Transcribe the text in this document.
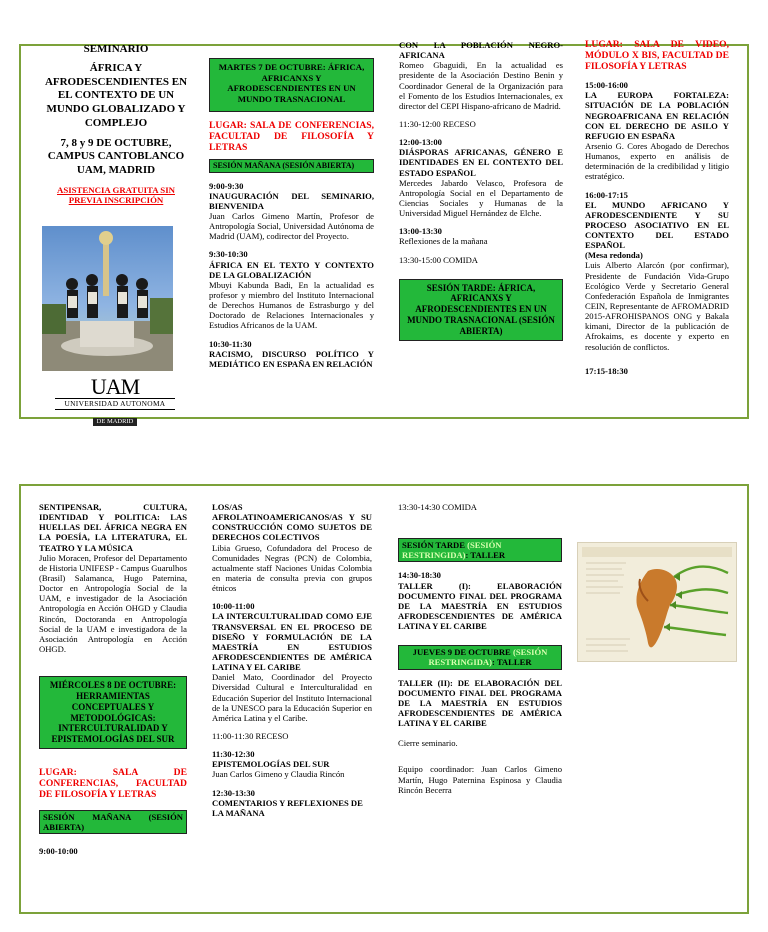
SEMINARIO

ÁFRICA Y AFRODESCENDIENTES EN EL CONTEXTO DE UN MUNDO GLOBALIZADO Y COMPLEJO

7, 8 y 9 DE OCTUBRE, CAMPUS CANTOBLANCO UAM, MADRID

ASISTENCIA GRATUITA SIN PREVIA INSCRIPCIÓN

UAM
UNIVERSIDAD AUTONOMA
DE MADRID
MARTES 7 DE OCTUBRE: ÁFRICA, AFRICANXS Y AFRODESCENDIENTES EN UN MUNDO TRASNACIONAL

LUGAR: SALA DE CONFERENCIAS, FACULTAD DE FILOSOFÍA Y LETRAS

SESIÓN MAÑANA (SESIÓN ABIERTA)

9:00-9:30

INAUGURACIÓN DEL SEMINARIO, BIENVENIDA

Juan Carlos Gimeno Martín, Profesor de Antropología Social, Universidad Autónoma de Madrid (UAM), codirector del Proyecto.

9:30-10:30

ÁFRICA EN EL TEXTO Y CONTEXTO DE LA GLOBALIZACIÓN

Mbuyi Kabunda Badi, En la actualidad es profesor y miembro del Instituto Internacional de Derechos Humanos de Estrasburgo y del Doctorado de Relaciones Internacionales y Estudios Africanos de la UAM.

10:30-11:30

RACISMO, DISCURSO POLÍTICO Y MEDIÁTICO EN ESPAÑA EN RELACIÓN

CON LA POBLACIÓN NEGRO-AFRICANA

Romeo Gbaguidi, En la actualidad es presidente de la Asociación Destino Benin y Coordinador General de la Organización para el Fomento de los Estudios Internacionales, ex director del CEPI Hispano-africano de Madrid.

11:30-12:00 RECESO

12:00-13:00

DIÁSPORAS AFRICANAS, GÉNERO E IDENTIDADES EN EL CONTEXTO DEL ESTADO ESPAÑOL

Mercedes Jabardo Velasco, Profesora de Antropología Social en el Departamento de Ciencias Sociales y Humanas de la Universidad Miguel Hernández de Elche.

13:00-13:30

Reflexiones de la mañana

13:30-15:00 COMIDA

SESIÓN TARDE: ÁFRICA, AFRICANXS Y AFRODESCENDIENTES EN UN MUNDO TRASNACIONAL (SESIÓN ABIERTA)

LUGAR: SALA DE VIDEO, MÓDULO X BIS, FACULTAD DE FILOSOFÍA Y LETRAS

15:00-16:00

LA EUROPA FORTALEZA: SITUACIÓN DE LA POBLACIÓN NEGROAFRICANA EN RELACIÓN CON EL DERECHO DE ASILO Y REFUGIO EN ESPAÑA

Arsenio G. Cores Abogado de Derechos Humanos, experto en análisis de determinación de la credibilidad y litigio estratégico.

16:00-17:15

EL MUNDO AFRICANO Y AFRODESCENDIENTE Y SU PROCESO ASOCIATIVO EN EL CONTEXTO DEL ESTADO ESPAÑOL

(Mesa redonda)

Luis Alberto Alarcón (por confirmar), Presidente de Fundación Vida-Grupo Ecológico Verde y Secretario General Confederación Española de Inmigrantes CEIN, Representante de AFROMADRID 2015-AFROHISPANOS ONG y Bakala kimani, Director de la publicación de Afrokaims, es docente y experto en resolución de conflictos.

17:15-18:30

SENTIPENSAR, CULTURA, IDENTIDAD Y POLITICA: LAS HUELLAS DEL ÁFRICA NEGRA EN LA POESÍA, LA LITERATURA, EL TEATRO Y LA MÚSICA

Julio Moracen, Profesor del Departamento de Historia UNIFESP - Campus Guarulhos (Brasil) Salamanca, Hugo Paternina, Doctor en Antropología Social de la UAM, e investigador de la Asociación Antropología en Acción OHGD y Claudia Rincón, Doctoranda en Antropología Social de la UAM e investigadora de la Asociación Antropología en Acción OHGD.

MIÉRCOLES 8 DE OCTUBRE: HERRAMIENTAS CONCEPTUALES Y METODOLÓGICAS: INTERCULTURALIDAD Y EPISTEMOLOGÍAS DEL SUR

LUGAR: SALA DE CONFERENCIAS, FACULTAD DE FILOSOFÍA Y LETRAS

SESIÓN MAÑANA (SESIÓN ABIERTA)

9:00-10:00

LOS/AS AFROLATINOAMERICANOS/AS Y SU CONSTRUCCIÓN COMO SUJETOS DE DERECHOS COLECTIVOS

Libia Grueso, Cofundadora del Proceso de Comunidades Negras (PCN) de Colombia, actualmente staff Naciones Unidas Colombia en materia de consulta previa con grupos étnicos

10:00-11:00

LA INTERCULTURALIDAD COMO EJE TRANSVERSAL EN EL PROCESO DE DISEÑO Y FORMULACIÓN DE LA MAESTRÍA EN ESTUDIOS AFRODESCENDIENTES DE AMÉRICA LATINA Y EL CARIBE

Daniel Mato, Coordinador del Proyecto Diversidad Cultural e Interculturalidad en Educación Superior del Instituto Internacional de la UNESCO para la Educación Superior en América Latina y el Caribe.

11:00-11:30 RECESO

11:30-12:30

EPISTEMOLOGÍAS DEL SUR

Juan Carlos Gimeno y Claudia Rincón

12:30-13:30

COMENTARIOS Y REFLEXIONES DE LA MAÑANA

13:30-14:30 COMIDA

SESIÓN TARDE (SESIÓN RESTRINGIDA): TALLER

14:30-18:30

TALLER (I): ELABORACIÓN DOCUMENTO FINAL DEL PROGRAMA DE LA MAESTRÍA EN ESTUDIOS AFRODESCENDIENTES DE AMÉRICA LATINA Y EL CARIBE

JUEVES 9 DE OCTUBRE (SESIÓN RESTRINGIDA): TALLER

TALLER (II): DE ELABORACIÓN DEL DOCUMENTO FINAL DEL PROGRAMA DE LA MAESTRÍA EN ESTUDIOS AFRODESCENDIENTES DE AMÉRICA LATINA Y EL CARIBE

Cierre seminario.

Equipo coordinador: Juan Carlos Gimeno Martín, Hugo Paternina Espinosa y Claudia Rincón Becerra
